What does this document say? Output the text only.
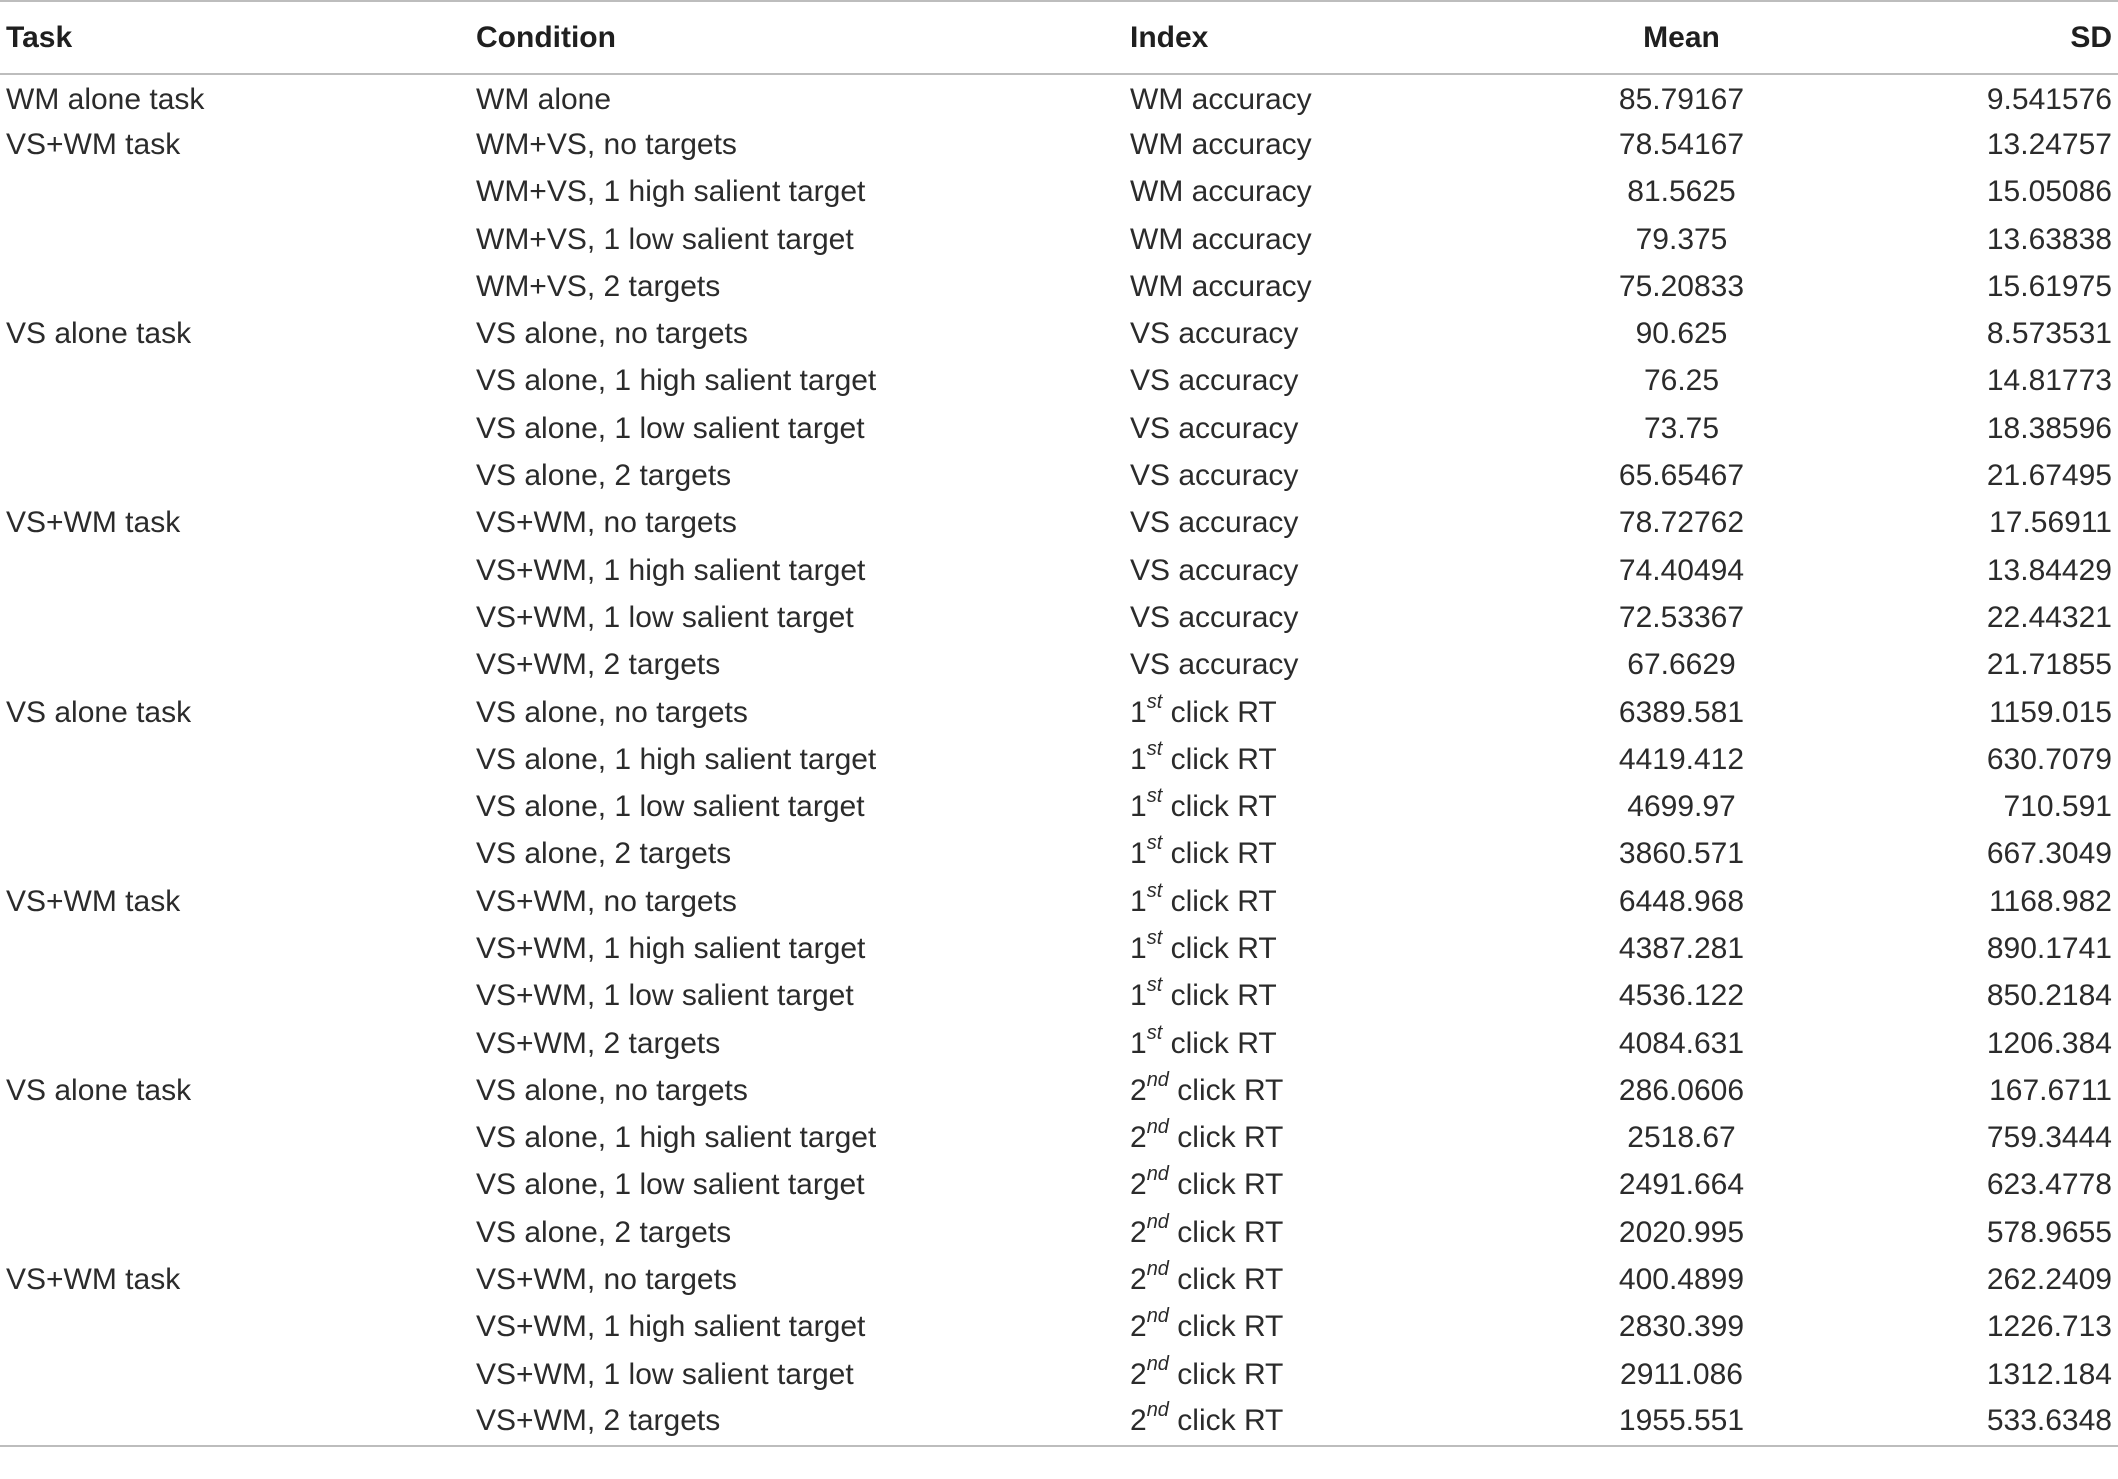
Task	Condition	Index	Mean	SD
WM alone task	WM alone	WM accuracy	85.79167	9.541576
VS+WM task	WM+VS, no targets	WM accuracy	78.54167	13.24757
	WM+VS, 1 high salient target	WM accuracy	81.5625	15.05086
	WM+VS, 1 low salient target	WM accuracy	79.375	13.63838
	WM+VS, 2 targets	WM accuracy	75.20833	15.61975
VS alone task	VS alone, no targets	VS accuracy	90.625	8.573531
	VS alone, 1 high salient target	VS accuracy	76.25	14.81773
	VS alone, 1 low salient target	VS accuracy	73.75	18.38596
	VS alone, 2 targets	VS accuracy	65.65467	21.67495
VS+WM task	VS+WM, no targets	VS accuracy	78.72762	17.56911
	VS+WM, 1 high salient target	VS accuracy	74.40494	13.84429
	VS+WM, 1 low salient target	VS accuracy	72.53367	22.44321
	VS+WM, 2 targets	VS accuracy	67.6629	21.71855
VS alone task	VS alone, no targets	1st click RT	6389.581	1159.015
	VS alone, 1 high salient target	1st click RT	4419.412	630.7079
	VS alone, 1 low salient target	1st click RT	4699.97	710.591
	VS alone, 2 targets	1st click RT	3860.571	667.3049
VS+WM task	VS+WM, no targets	1st click RT	6448.968	1168.982
	VS+WM, 1 high salient target	1st click RT	4387.281	890.1741
	VS+WM, 1 low salient target	1st click RT	4536.122	850.2184
	VS+WM, 2 targets	1st click RT	4084.631	1206.384
VS alone task	VS alone, no targets	2nd click RT	286.0606	167.6711
	VS alone, 1 high salient target	2nd click RT	2518.67	759.3444
	VS alone, 1 low salient target	2nd click RT	2491.664	623.4778
	VS alone, 2 targets	2nd click RT	2020.995	578.9655
VS+WM task	VS+WM, no targets	2nd click RT	400.4899	262.2409
	VS+WM, 1 high salient target	2nd click RT	2830.399	1226.713
	VS+WM, 1 low salient target	2nd click RT	2911.086	1312.184
	VS+WM, 2 targets	2nd click RT	1955.551	533.6348
